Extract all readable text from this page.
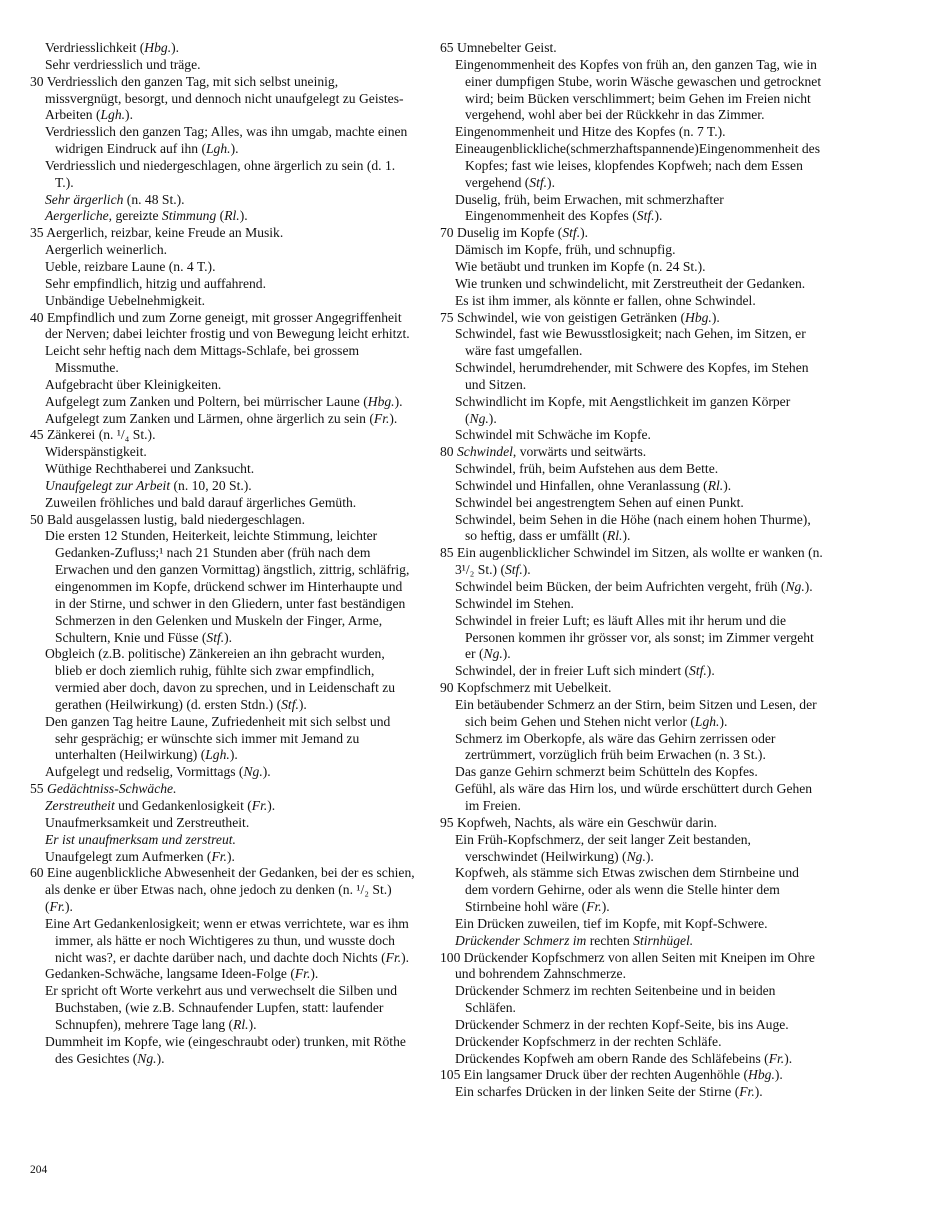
Verdriesslichkeit (Hbg.).

Sehr verdriesslich und träge.

30 Verdriesslich den ganzen Tag, mit sich selbst uneinig, missvergnügt, besorgt, und dennoch nicht unaufgelegt zu Geistes-Arbeiten (Lgh.).

Verdriesslich den ganzen Tag; Alles, was ihn umgab, machte einen widrigen Eindruck auf ihn (Lgh.).

Verdriesslich und niedergeschlagen, ohne ärgerlich zu sein (d. 1. T.).

Sehr ärgerlich (n. 48 St.).

Aergerliche, gereizte Stimmung (Rl.).

35 Aergerlich, reizbar, keine Freude an Musik.

Aergerlich weinerlich.

Ueble, reizbare Laune (n. 4 T.).

Sehr empfindlich, hitzig und auffahrend.

Unbändige Uebelnehmigkeit.

40 Empfindlich und zum Zorne geneigt, mit grosser Angegriffenheit der Nerven; dabei leichter frostig und von Bewegung leicht erhitzt.

Leicht sehr heftig nach dem Mittags-Schlafe, bei grossem Missmuthe.

Aufgebracht über Kleinigkeiten.

Aufgelegt zum Zanken und Poltern, bei mürrischer Laune (Hbg.).

Aufgelegt zum Zanken und Lärmen, ohne ärgerlich zu sein (Fr.).

45 Zänkerei (n. ¹/₄ St.).

Widerspänstigkeit.

Wüthige Rechthaberei und Zanksucht.

Unaufgelegt zur Arbeit (n. 10, 20 St.).

Zuweilen fröhliches und bald darauf ärgerliches Gemüth.

50 Bald ausgelassen lustig, bald niedergeschlagen.

Die ersten 12 Stunden, Heiterkeit, leichte Stimmung, leichter Gedanken-Zufluss;¹ nach 21 Stunden aber (früh nach dem Erwachen und den ganzen Vormittag) ängstlich, zittrig, schläfrig, eingenommen im Kopfe, drückend schwer im Hinterhaupte und in der Stirne, und schwer in den Gliedern, unter fast beständigen Schmerzen in den Gelenken und Muskeln der Finger, Arme, Schultern, Knie und Füsse (Stf.).

Obgleich (z.B. politische) Zänkereien an ihn gebracht wurden, blieb er doch ziemlich ruhig, fühlte sich zwar empfindlich, vermied aber doch, davon zu sprechen, und in Leidenschaft zu gerathen (Heilwirkung) (d. ersten Stdn.) (Stf.).

Den ganzen Tag heitre Laune, Zufriedenheit mit sich selbst und sehr gesprächig; er wünschte sich immer mit Jemand zu unterhalten (Heilwirkung) (Lgh.).

Aufgelegt und redselig, Vormittags (Ng.).

55 Gedächtniss-Schwäche.

Zerstreutheit und Gedankenlosigkeit (Fr.).

Unaufmerksamkeit und Zerstreutheit.

Er ist unaufmerksam und zerstreut.

Unaufgelegt zum Aufmerken (Fr.).

60 Eine augenblickliche Abwesenheit der Gedanken, bei der es schien, als denke er über Etwas nach, ohne jedoch zu denken (n. ¹/₂ St.) (Fr.).

Eine Art Gedankenlosigkeit; wenn er etwas verrichtete, war es ihm immer, als hätte er noch Wichtigeres zu thun, und wusste doch nicht was?, er dachte darüber nach, und dachte doch Nichts (Fr.).

Gedanken-Schwäche, langsame Ideen-Folge (Fr.).

Er spricht oft Worte verkehrt aus und verwechselt die Silben und Buchstaben, (wie z.B. Schnaufender Lupfen, statt: laufender Schnupfen), mehrere Tage lang (Rl.).

Dummheit im Kopfe, wie (eingeschraubt oder) trunken, mit Röthe des Gesichtes (Ng.).

65 Umnebelter Geist.

Eingenommenheit des Kopfes von früh an, den ganzen Tag, wie in einer dumpfigen Stube, worin Wäsche gewaschen und getrocknet wird; beim Bücken verschlimmert; beim Gehen im Freien nicht vergehend, wohl aber bei der Rückkehr in das Zimmer.

Eingenommenheit und Hitze des Kopfes (n. 7 T.).

Eineaugenblickliche(schmerzhaftspannende)Eingenommenheit des Kopfes; fast wie leises, klopfendes Kopfweh; nach dem Essen vergehend (Stf.).

Duselig, früh, beim Erwachen, mit schmerzhafter Eingenommenheit des Kopfes (Stf.).

70 Duselig im Kopfe (Stf.).

Dämisch im Kopfe, früh, und schnupfig.

Wie betäubt und trunken im Kopfe (n. 24 St.).

Wie trunken und schwindelicht, mit Zerstreutheit der Gedanken.

Es ist ihm immer, als könnte er fallen, ohne Schwindel.

75 Schwindel, wie von geistigen Getränken (Hbg.).

Schwindel, fast wie Bewusstlosigkeit; nach Gehen, im Sitzen, er wäre fast umgefallen.

Schwindel, herumdrehender, mit Schwere des Kopfes, im Stehen und Sitzen.

Schwindlicht im Kopfe, mit Aengstlichkeit im ganzen Körper (Ng.).

Schwindel mit Schwäche im Kopfe.

80 Schwindel, vorwärts und seitwärts.

Schwindel, früh, beim Aufstehen aus dem Bette.

Schwindel und Hinfallen, ohne Veranlassung (Rl.).

Schwindel bei angestrengtem Sehen auf einen Punkt.

Schwindel, beim Sehen in die Höhe (nach einem hohen Thurme), so heftig, dass er umfällt (Rl.).

85 Ein augenblicklicher Schwindel im Sitzen, als wollte er wanken (n. 3¹/₂ St.) (Stf.).

Schwindel beim Bücken, der beim Aufrichten vergeht, früh (Ng.).

Schwindel im Stehen.

Schwindel in freier Luft; es läuft Alles mit ihr herum und die Personen kommen ihr grösser vor, als sonst; im Zimmer vergeht er (Ng.).

Schwindel, der in freier Luft sich mindert (Stf.).

90 Kopfschmerz mit Uebelkeit.

Ein betäubender Schmerz an der Stirn, beim Sitzen und Lesen, der sich beim Gehen und Stehen nicht verlor (Lgh.).

Schmerz im Oberkopfe, als wäre das Gehirn zerrissen oder zertrümmert, vorzüglich früh beim Erwachen (n. 3 St.).

Das ganze Gehirn schmerzt beim Schütteln des Kopfes.

Gefühl, als wäre das Hirn los, und würde erschüttert durch Gehen im Freien.

95 Kopfweh, Nachts, als wäre ein Geschwür darin.

Ein Früh-Kopfschmerz, der seit langer Zeit bestanden, verschwindet (Heilwirkung) (Ng.).

Kopfweh, als stämme sich Etwas zwischen dem Stirnbeine und dem vordern Gehirne, oder als wenn die Stelle hinter dem Stirnbeine hohl wäre (Fr.).

Ein Drücken zuweilen, tief im Kopfe, mit Kopf-Schwere.

Drückender Schmerz im rechten Stirnhügel.

100 Drückender Kopfschmerz von allen Seiten mit Kneipen im Ohre und bohrendem Zahnschmerze.

Drückender Schmerz im rechten Seitenbeine und in beiden Schläfen.

Drückender Schmerz in der rechten Kopf-Seite, bis ins Auge.

Drückender Kopfschmerz in der rechten Schläfe.

Drückendes Kopfweh am obern Rande des Schläfebeins (Fr.).

105 Ein langsamer Druck über der rechten Augenhöhle (Hbg.).

Ein scharfes Drücken in der linken Seite der Stirne (Fr.).

204
